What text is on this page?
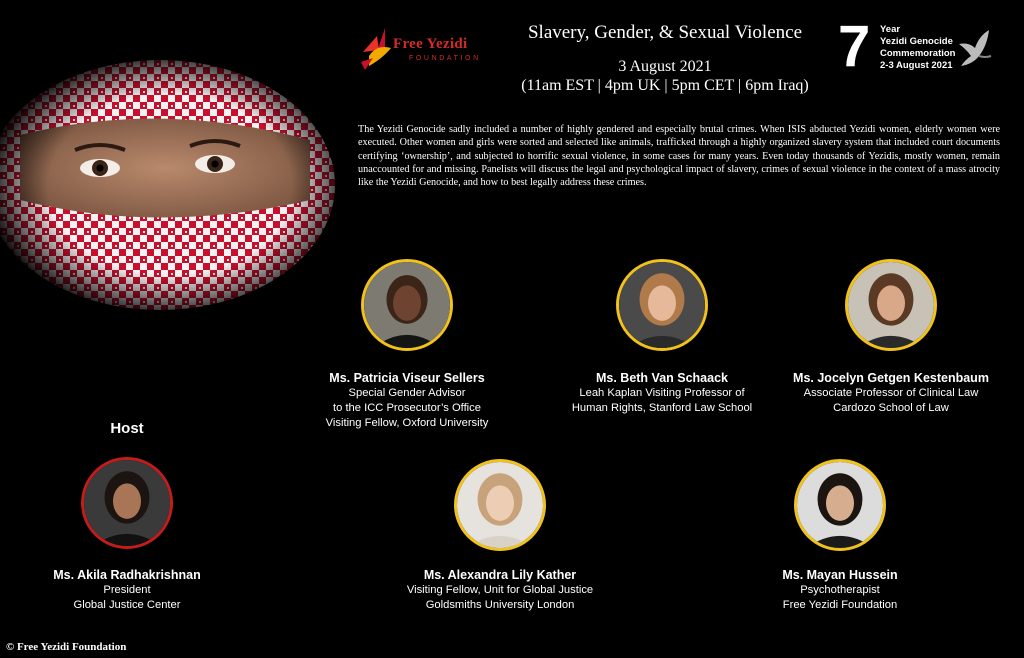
Free Yezidi
FOUNDATION
Slavery, Gender, & Sexual Violence
3 August 2021
(11am EST | 4pm UK | 5pm CET | 6pm Iraq)
7 Year
Yezidi Genocide
Commemoration
2-3 August 2021
The Yezidi Genocide sadly included a number of highly gendered and especially brutal crimes. When ISIS abducted Yezidi women, elderly women were executed. Other women and girls were sorted and selected like animals, trafficked through a highly organized slavery system that included court documents certifying ‘ownership’, and subjected to horrific sexual violence, in some cases for many years. Even today thousands of Yezidis, mostly women, remain unaccounted for and missing. Panelists will discuss the legal and psychological impact of slavery, crimes of sexual violence in the context of a mass atrocity like the Yezidi Genocide, and how to best legally address these crimes.
Ms. Patricia Viseur Sellers
Special Gender Advisor
to the ICC Prosecutor’s Office
Visiting Fellow, Oxford University
Ms. Beth Van Schaack
Leah Kaplan Visiting Professor of
Human Rights, Stanford Law School
Ms. Jocelyn Getgen Kestenbaum
Associate Professor of Clinical Law
Cardozo School of Law
Host
Ms. Akila Radhakrishnan
President
Global Justice Center
Ms. Alexandra Lily Kather
Visiting Fellow, Unit for Global Justice
Goldsmiths University London
Ms. Mayan Hussein
Psychotherapist
Free Yezidi Foundation
© Free Yezidi Foundation
